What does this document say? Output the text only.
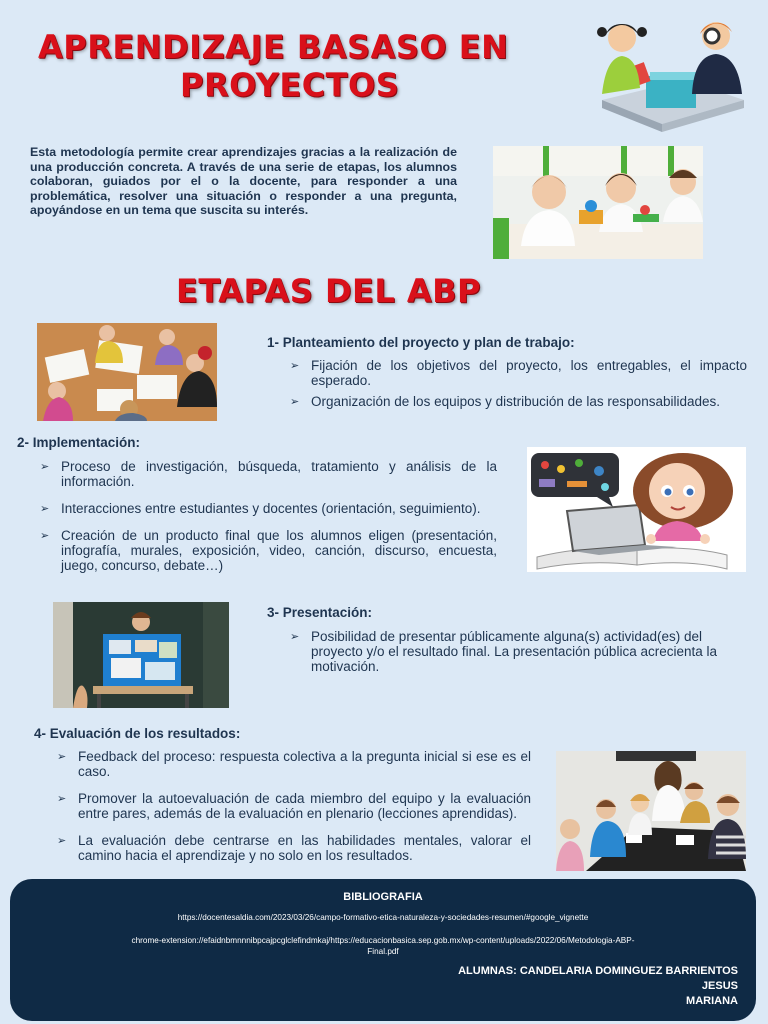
APRENDIZAJE BASASO EN
PROYECTOS
Esta metodología permite crear aprendizajes gracias a la realización de una producción concreta. A través de una serie de etapas, los alumnos colaboran, guiados por el o la docente, para responder a una problemática, resolver una situación o responder a una pregunta, apoyándose en un tema que suscita su interés.
ETAPAS DEL ABP
1- Planteamiento del proyecto y plan de trabajo:
➢ Fijación de los objetivos del proyecto, los entregables, el impacto esperado.
➢ Organización de los equipos y distribución de las responsabilidades.
2- Implementación:
➢ Proceso de investigación, búsqueda, tratamiento y análisis de la información.
➢ Interacciones entre estudiantes y docentes (orientación, seguimiento).
➢ Creación de un producto final que los alumnos eligen (presentación, infografía, murales, exposición, video, canción, discurso, encuesta, juego, concurso, debate…)
3- Presentación:
➢ Posibilidad de presentar públicamente alguna(s) actividad(es) del proyecto y/o el resultado final. La presentación pública acrecienta la motivación.
4- Evaluación de los resultados:
➢ Feedback del proceso: respuesta colectiva a la pregunta inicial si ese es el caso.
➢ Promover la autoevaluación de cada miembro del equipo y la evaluación entre pares, además de la evaluación en plenario (lecciones aprendidas).
➢ La evaluación debe centrarse en las habilidades mentales, valorar el camino hacia el aprendizaje y no solo en los resultados.
BIBLIOGRAFIA
https://docentesaldia.com/2023/03/26/campo-formativo-etica-naturaleza-y-sociedades-resumen/#google_vignette
chrome-extension://efaidnbmnnnibpcajpcglclefindmkaj/https://educacionbasica.sep.gob.mx/wp-content/uploads/2022/06/Metodologia-ABP-
Final.pdf
ALUMNAS: CANDELARIA DOMINGUEZ BARRIENTOS
JESUS
MARIANA
